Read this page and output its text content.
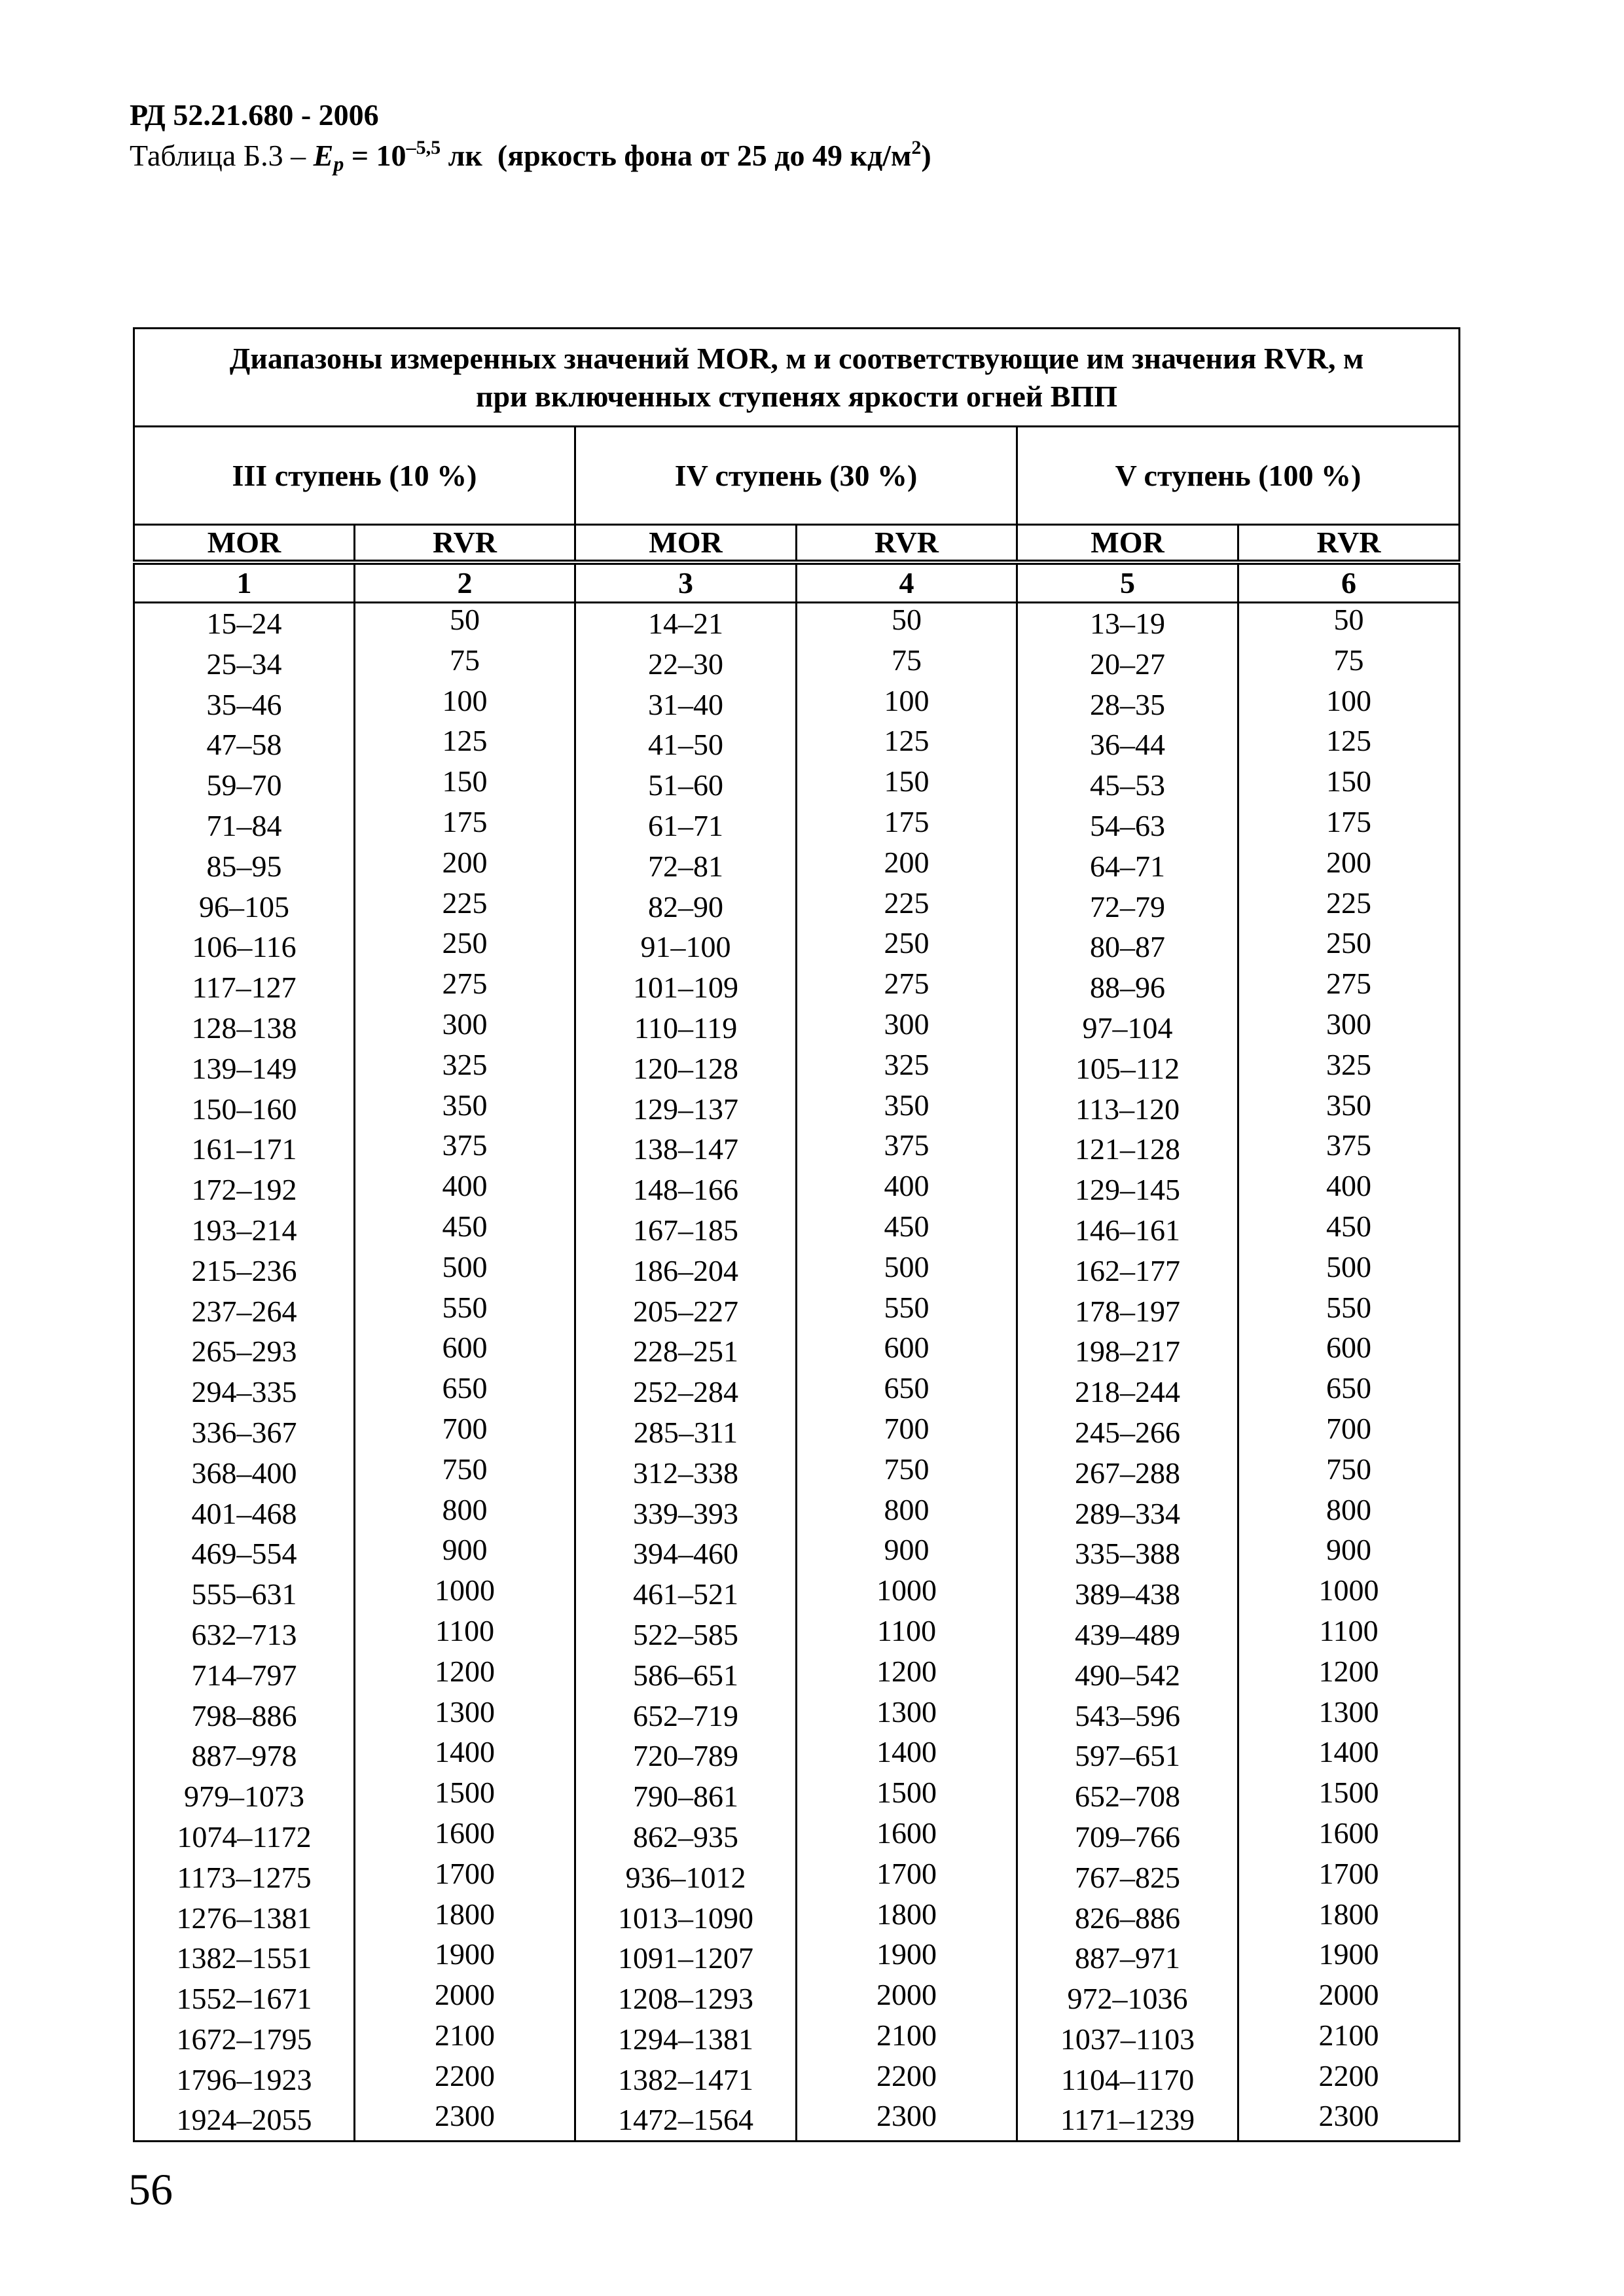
РД 52.21.680 - 2006
Таблица $Б.3 - E_p = 10^{-5,5}$ лк (яркость фона от 25 до 49 $кд/м^2$)
Диапазоны измеренных значений MOR, м и соответствующие им значения RVR, м
при включенных ступенях яркости огней ВПП					

III ступень (10 %)		IV ступень (30 %)		V ступень (100 %)	
MOR	RVR	MOR	RVR	MOR	RVR
1	2	3	4	5	6
15–24	50	14–21	50	13–19	50
25–34	75	22–30	75	20–27	75
35–46	100	31–40	100	28–35	100
47–58	125	41–50	125	36–44	125
59–70	150	51–60	150	45–53	150
71–84	175	61–71	175	54–63	175
85–95	200	72–81	200	64–71	200
96–105	225	82–90	225	72–79	225
106–116	250	91–100	250	80–87	250
117–127	275	101–109	275	88–96	275
128–138	300	110–119	300	97–104	300
139–149	325	120–128	325	105–112	325
150–160	350	129–137	350	113–120	350
161–171	375	138–147	375	121–128	375
172–192	400	148–166	400	129–145	400
193–214	450	167–185	450	146–161	450
215–236	500	186–204	500	162–177	500
237–264	550	205–227	550	178–197	550
265–293	600	228–251	600	198–217	600
294–335	650	252–284	650	218–244	650
336–367	700	285–311	700	245–266	700
368–400	750	312–338	750	267–288	750
401–468	800	339–393	800	289–334	800
469–554	900	394–460	900	335–388	900
555–631	1000	461–521	1000	389–438	1000
632–713	1100	522–585	1100	439–489	1100
714–797	1200	586–651	1200	490–542	1200
798–886	1300	652–719	1300	543–596	1300
887–978	1400	720–789	1400	597–651	1400
979–1073	1500	790–861	1500	652–708	1500
1074–1172	1600	862–935	1600	709–766	1600
1173–1275	1700	936–1012	1700	767–825	1700
1276–1381	1800	1013–1090	1800	826–886	1800
1382–1551	1900	1091–1207	1900	887–971	1900
1552–1671	2000	1208–1293	2000	972–1036	2000
1672–1795	2100	1294–1381	2100	1037–1103	2100
1796–1923	2200	1382–1471	2200	1104–1170	2200
1924–2055	2300	1472–1564	2300	1171–1239	2300
56
